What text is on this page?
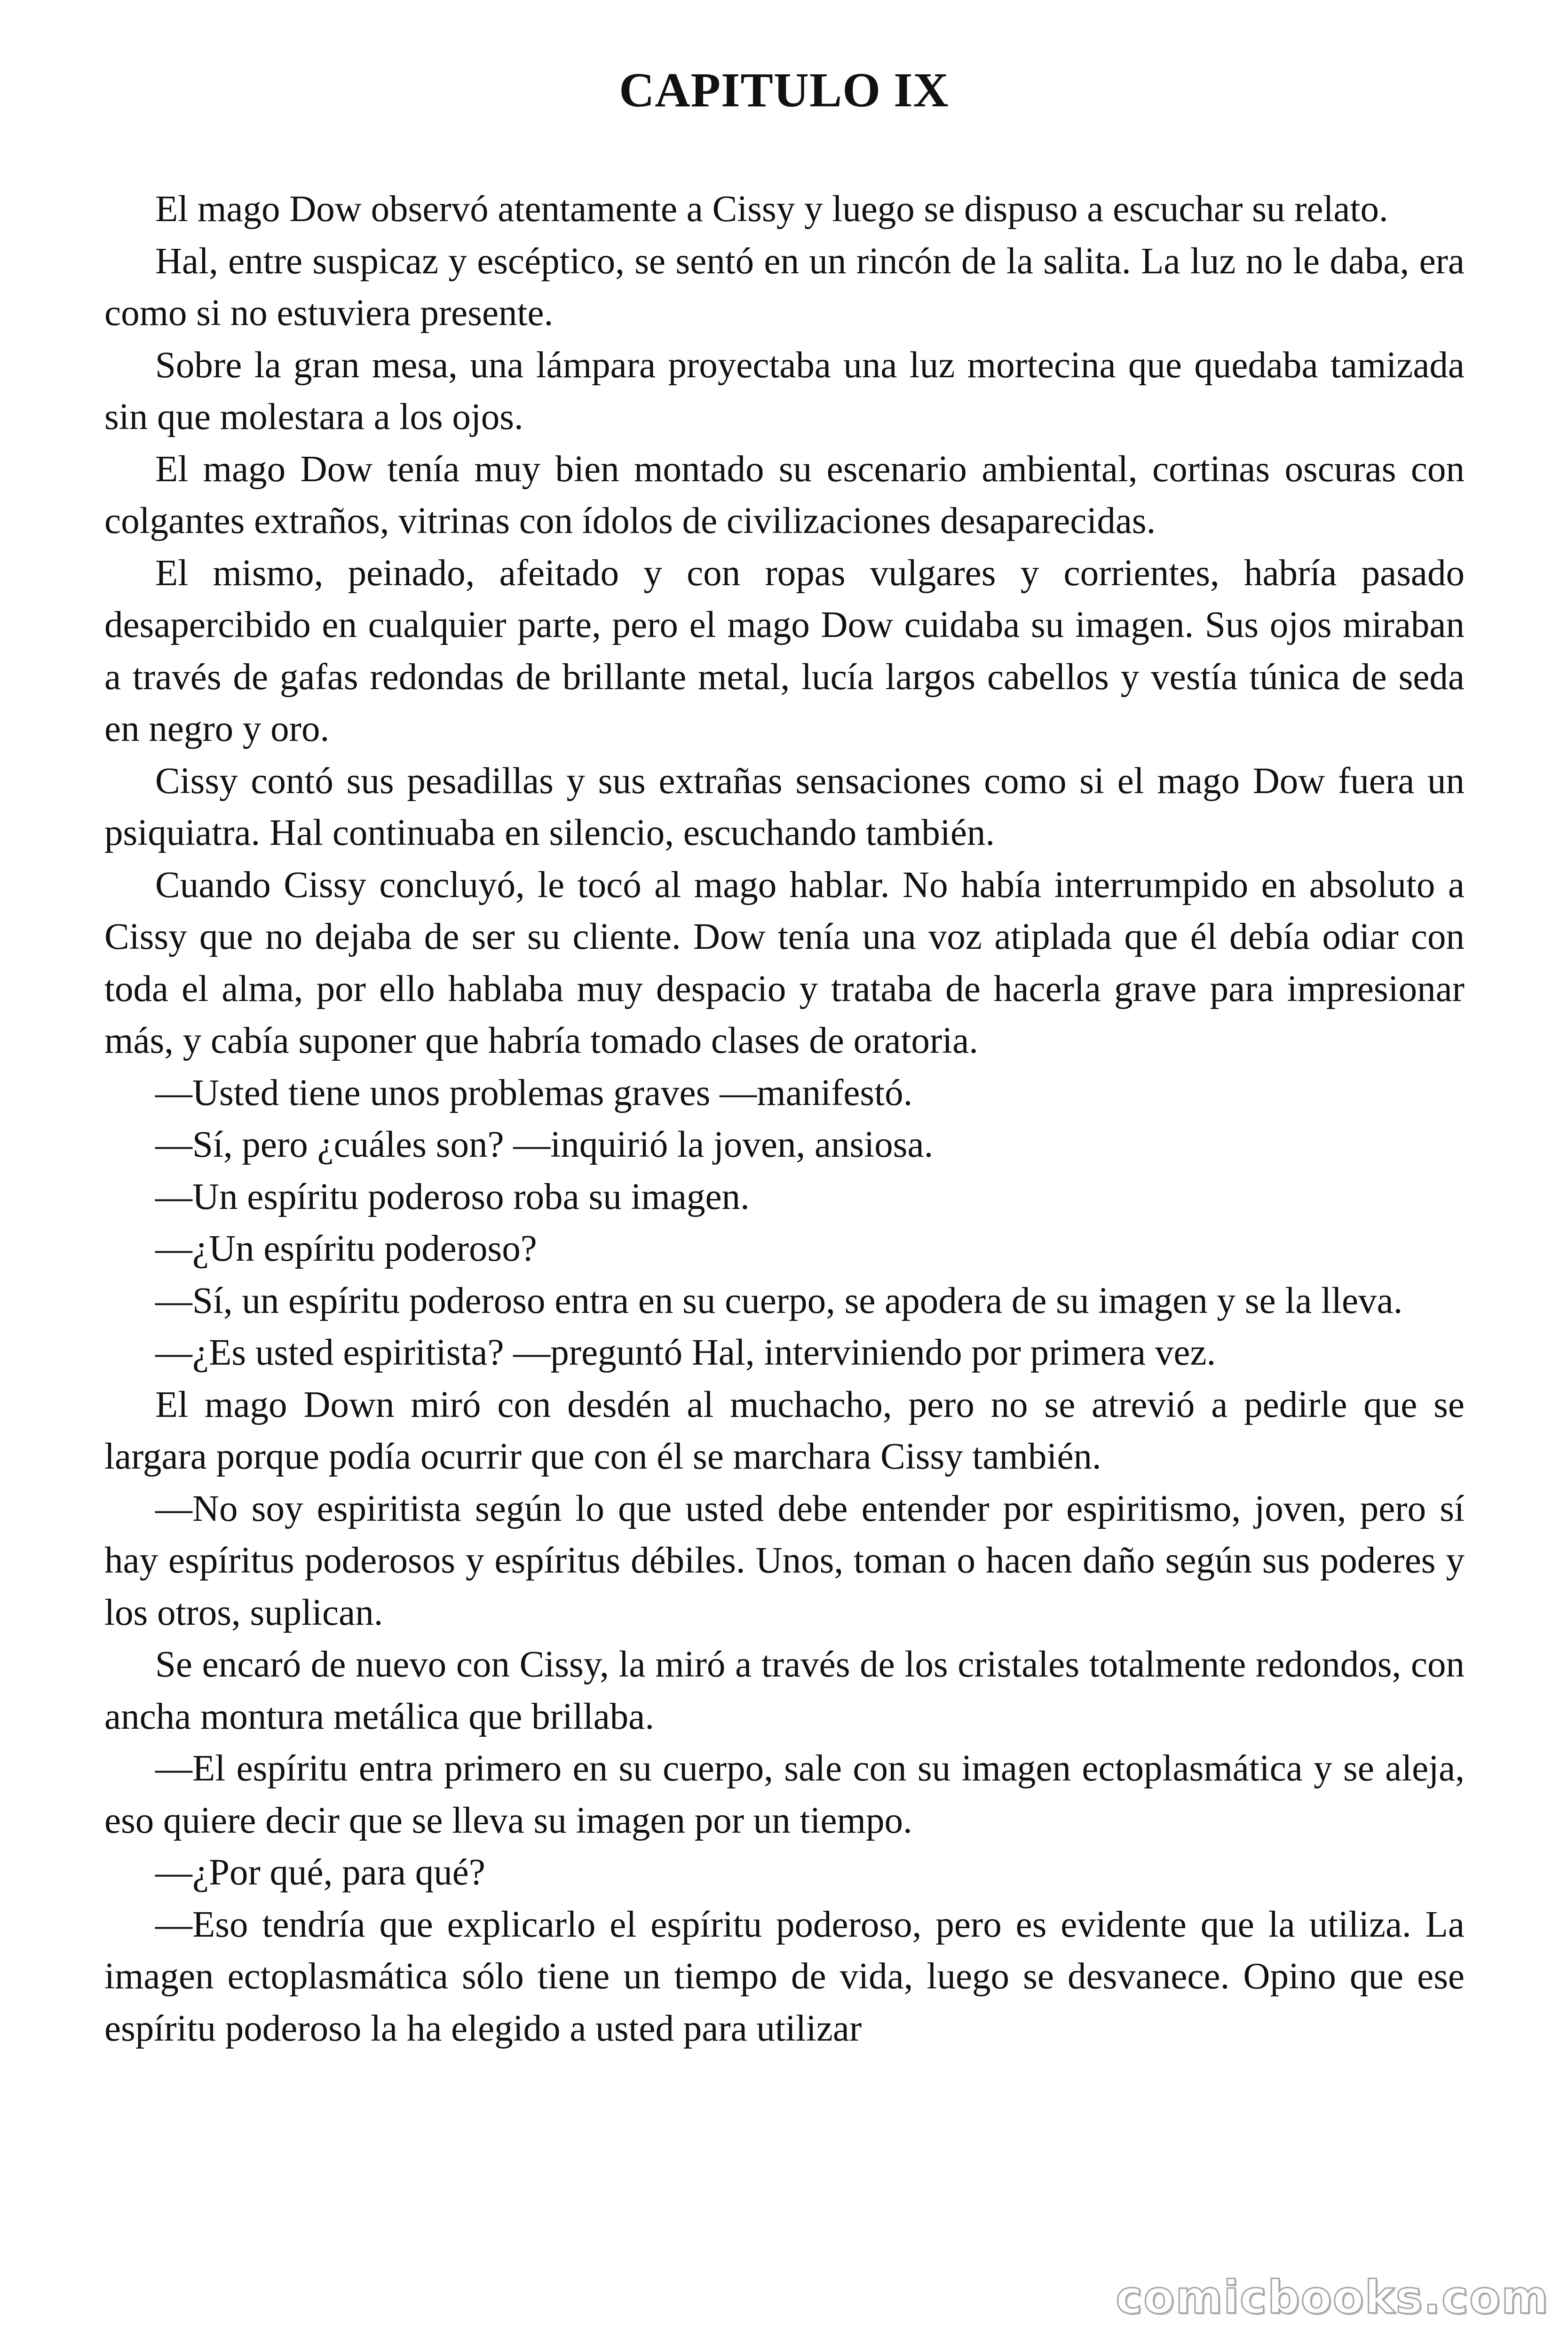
CAPITULO IX

El mago Dow observó atentamente a Cissy y luego se dispuso a escuchar su relato.

Hal, entre suspicaz y escéptico, se sentó en un rincón de la salita. La luz no le daba, era como si no estuviera presente.

Sobre la gran mesa, una lámpara proyectaba una luz mortecina que quedaba tamizada sin que molestara a los ojos.

El mago Dow tenía muy bien montado su escenario ambiental, cortinas oscuras con colgantes extraños, vitrinas con ídolos de civilizaciones desaparecidas.

El mismo, peinado, afeitado y con ropas vulgares y corrientes, habría pasado desapercibido en cualquier parte, pero el mago Dow cuidaba su imagen. Sus ojos miraban a través de gafas redondas de brillante metal, lucía largos cabellos y vestía túnica de seda en negro y oro.

Cissy contó sus pesadillas y sus extrañas sensaciones como si el mago Dow fuera un psiquiatra. Hal continuaba en silencio, escuchando también.

Cuando Cissy concluyó, le tocó al mago hablar. No había interrumpido en absoluto a Cissy que no dejaba de ser su cliente. Dow tenía una voz atiplada que él debía odiar con toda el alma, por ello hablaba muy despacio y trataba de hacerla grave para impresionar más, y cabía suponer que habría tomado clases de oratoria.

—Usted tiene unos problemas graves —manifestó.

—Sí, pero ¿cuáles son? —inquirió la joven, ansiosa.

—Un espíritu poderoso roba su imagen.

—¿Un espíritu poderoso?

—Sí, un espíritu poderoso entra en su cuerpo, se apodera de su imagen y se la lleva.

—¿Es usted espiritista? —preguntó Hal, interviniendo por primera vez.

El mago Down miró con desdén al muchacho, pero no se atrevió a pedirle que se largara porque podía ocurrir que con él se marchara Cissy también.

—No soy espiritista según lo que usted debe entender por espiritismo, joven, pero sí hay espíritus poderosos y espíritus débiles. Unos, toman o hacen daño según sus poderes y los otros, suplican.

Se encaró de nuevo con Cissy, la miró a través de los cristales totalmente redondos, con ancha montura metálica que brillaba.

—El espíritu entra primero en su cuerpo, sale con su imagen ectoplasmática y se aleja, eso quiere decir que se lleva su imagen por un tiempo.

—¿Por qué, para qué?

—Eso tendría que explicarlo el espíritu poderoso, pero es evidente que la utiliza. La imagen ectoplasmática sólo tiene un tiempo de vida, luego se desvanece. Opino que ese espíritu poderoso la ha elegido a usted para utilizar

comicbooks.com
